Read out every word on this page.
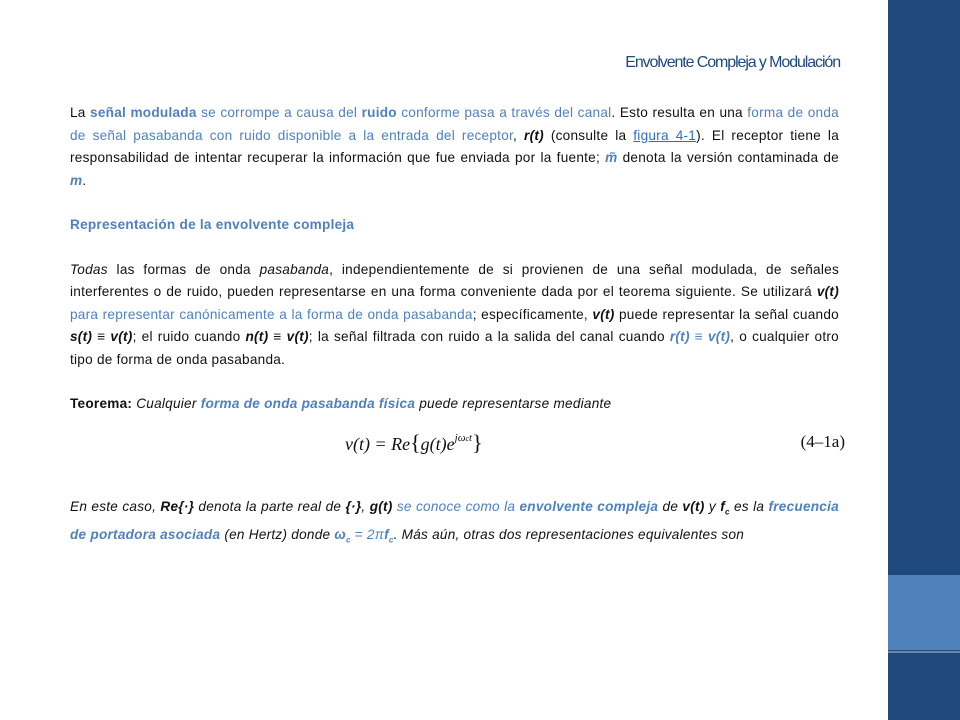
Envolvente Compleja y Modulación

La señal modulada se corrompe a causa del ruido conforme pasa a través del canal. Esto resulta en una forma de onda de señal pasabanda con ruido disponible a la entrada del receptor, r(t) (consulte la figura 4-1). El receptor tiene la responsabilidad de intentar recuperar la información que fue enviada por la fuente; m̃ denota la versión contaminada de m.

Representación de la envolvente compleja

Todas las formas de onda pasabanda, independientemente de si provienen de una señal modulada, de señales interferentes o de ruido, pueden representarse en una forma conveniente dada por el teorema siguiente. Se utilizará v(t) para representar canónicamente a la forma de onda pasabanda; específicamente, v(t) puede representar la señal cuando s(t) ≡ v(t); el ruido cuando n(t) ≡ v(t); la señal filtrada con ruido a la salida del canal cuando r(t) ≡ v(t), o cualquier otro tipo de forma de onda pasabanda.

Teorema: Cualquier forma de onda pasabanda física puede representarse mediante

$v(t) = Re\{g(t)e^{j\omega ct}\}$	(4–1a)

En este caso, Re{·} denota la parte real de {·}, g(t) se conoce como la envolvente compleja de v(t) y $f_c$ es la frecuencia de portadora asociada (en Hertz) donde $\omega_c = 2\pi f_c$. Más aún, otras dos representaciones equivalentes son
